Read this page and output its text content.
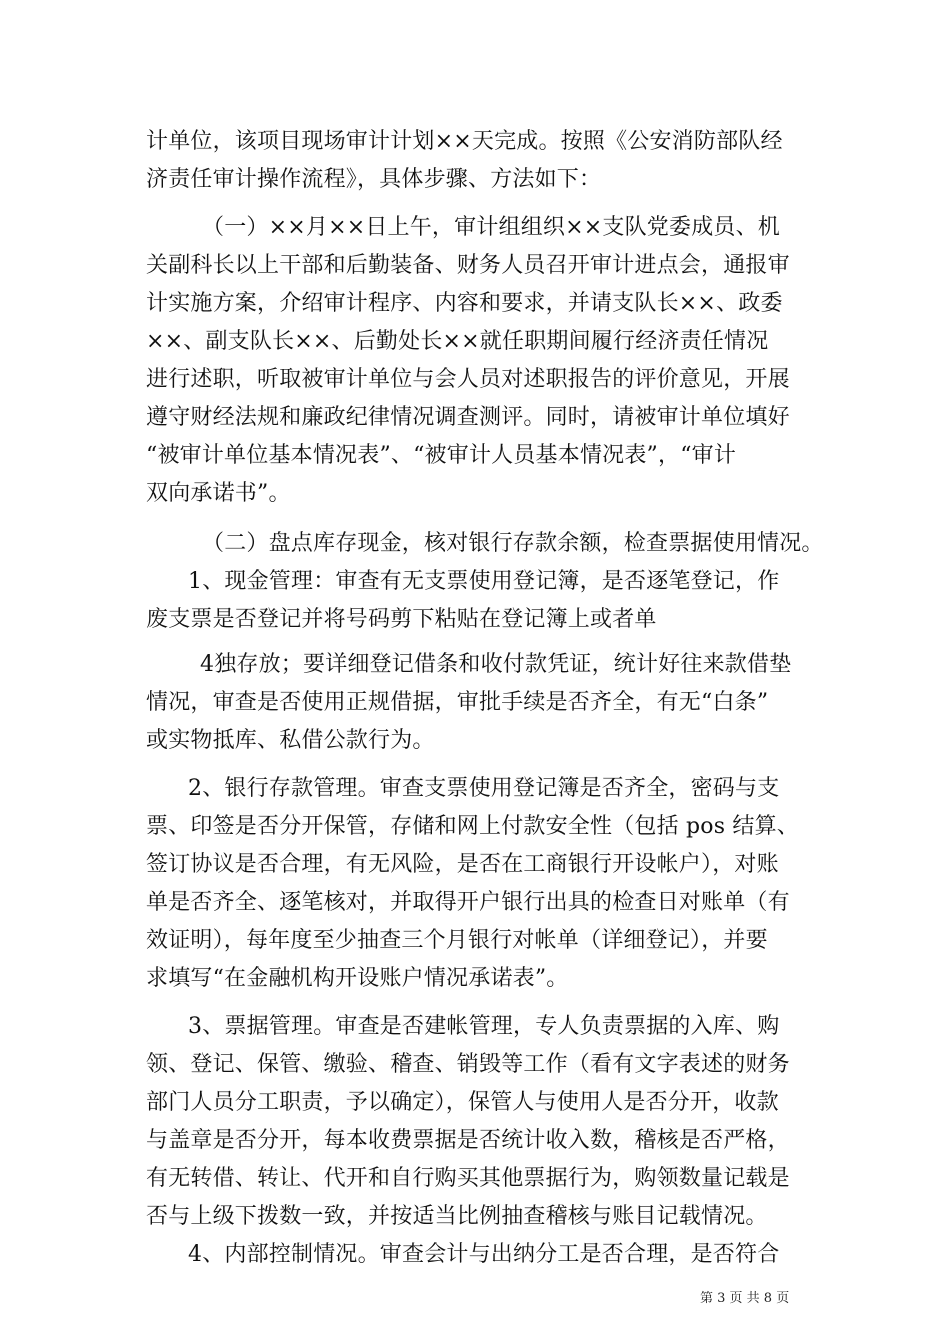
计单位，该项目现场审计计划××天完成。按照《公安消防部队经
济责任审计操作流程》，具体步骤、方法如下：
（一）××月××日上午，审计组组织××支队党委成员、机
关副科长以上干部和后勤装备、财务人员召开审计进点会，通报审
计实施方案，介绍审计程序、内容和要求，并请支队长××、政委
××、副支队长××、后勤处长××就任职期间履行经济责任情况
进行述职，听取被审计单位与会人员对述职报告的评价意见，开展
遵守财经法规和廉政纪律情况调查测评。同时，请被审计单位填好
“被审计单位基本情况表”、“被审计人员基本情况表”，“审计
双向承诺书”。
（二）盘点库存现金，核对银行存款余额，检查票据使用情况。
1、现金管理：审查有无支票使用登记簿，是否逐笔登记，作
废支票是否登记并将号码剪下粘贴在登记簿上或者单
4独存放；要详细登记借条和收付款凭证，统计好往来款借垫
情况，审查是否使用正规借据，审批手续是否齐全，有无“白条”
或实物抵库、私借公款行为。
2、银行存款管理。审查支票使用登记簿是否齐全，密码与支
票、印签是否分开保管，存储和网上付款安全性（包括 pos 结算、
签订协议是否合理，有无风险，是否在工商银行开设帐户），对账
单是否齐全、逐笔核对，并取得开户银行出具的检查日对账单（有
效证明），每年度至少抽查三个月银行对帐单（详细登记），并要
求填写“在金融机构开设账户情况承诺表”。
3、票据管理。审查是否建帐管理，专人负责票据的入库、购
领、登记、保管、缴验、稽查、销毁等工作（看有文字表述的财务
部门人员分工职责，予以确定），保管人与使用人是否分开，收款
与盖章是否分开，每本收费票据是否统计收入数，稽核是否严格，
有无转借、转让、代开和自行购买其他票据行为，购领数量记载是
否与上级下拨数一致，并按适当比例抽查稽核与账目记载情况。
4、内部控制情况。审查会计与出纳分工是否合理，是否符合
第 3 页 共 8 页
